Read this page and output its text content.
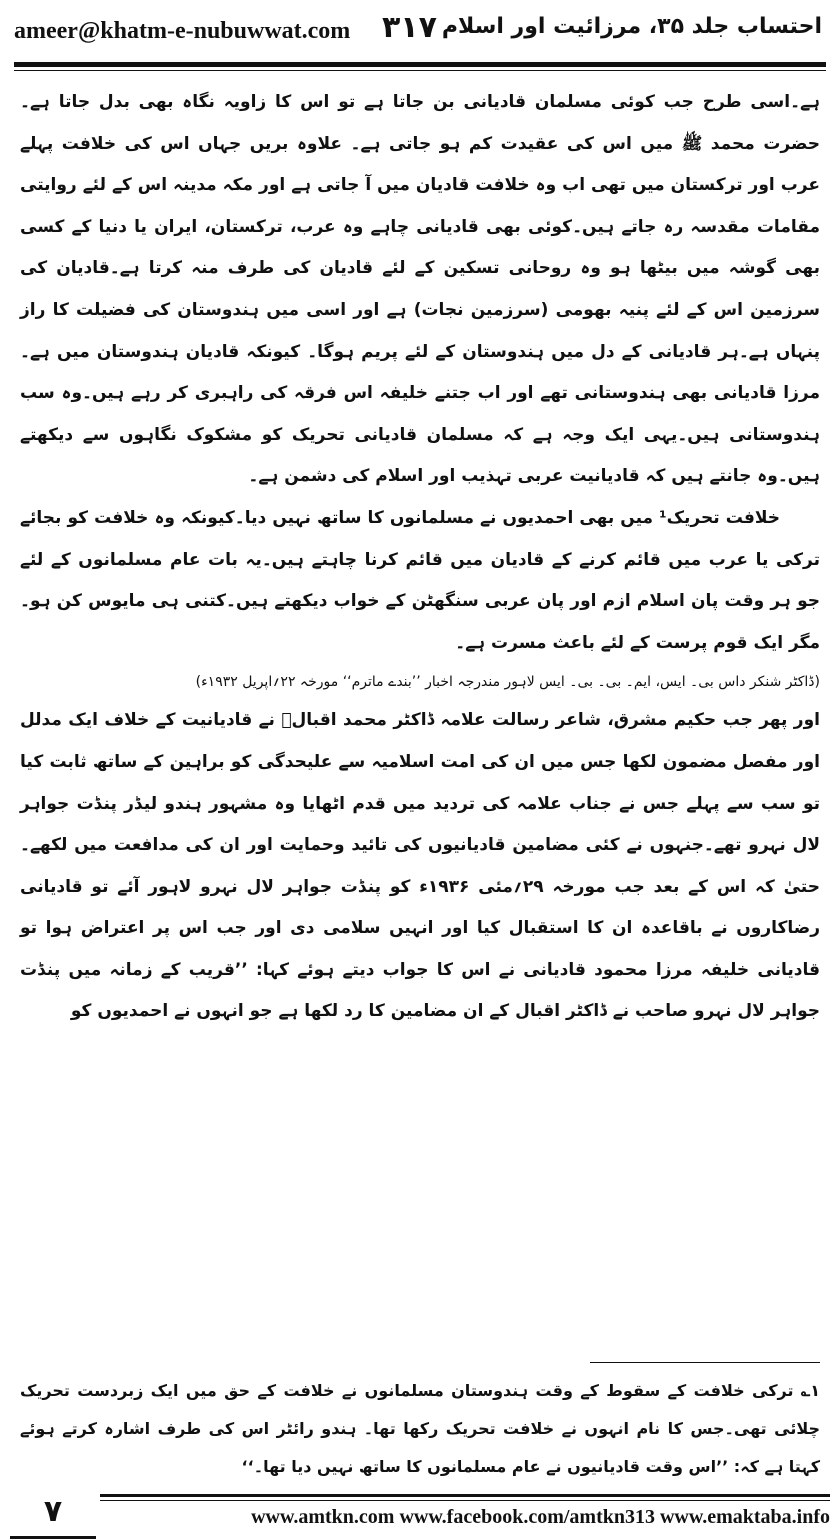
ameer@khatm-e-nubuwwat.com ۳۱۷ احتساب جلد ۳۵، مرزائیت اور اسلام

ہے۔اسی طرح جب کوئی مسلمان قادیانی بن جاتا ہے تو اس کا زاویہ نگاہ بھی بدل جاتا ہے۔حضرت محمد ﷺ میں اس کی عقیدت کم ہو جاتی ہے۔ علاوہ بریں جہاں اس کی خلافت پہلے عرب اور ترکستان میں تھی اب وہ خلافت قادیان میں آ جاتی ہے اور مکہ مدینہ اس کے لئے روایتی مقامات مقدسہ رہ جاتے ہیں۔کوئی بھی قادیانی چاہے وہ عرب، ترکستان، ایران یا دنیا کے کسی بھی گوشہ میں بیٹھا ہو وہ روحانی تسکین کے لئے قادیان کی طرف منہ کرتا ہے۔قادیان کی سرزمین اس کے لئے پنیہ بھومی (سرزمین نجات) ہے اور اسی میں ہندوستان کی فضیلت کا راز پنہاں ہے۔ہر قادیانی کے دل میں ہندوستان کے لئے پریم ہوگا۔ کیونکہ قادیان ہندوستان میں ہے۔مرزا قادیانی بھی ہندوستانی تھے اور اب جتنے خلیفہ اس فرقہ کی راہبری کر رہے ہیں۔وہ سب ہندوستانی ہیں۔یہی ایک وجہ ہے کہ مسلمان قادیانی تحریک کو مشکوک نگاہوں سے دیکھتے ہیں۔وہ جانتے ہیں کہ قادیانیت عربی تہذیب اور اسلام کی دشمن ہے۔

خلافت تحریک¹ میں بھی احمدیوں نے مسلمانوں کا ساتھ نہیں دیا۔کیونکہ وہ خلافت کو بجائے ترکی یا عرب میں قائم کرنے کے قادیان میں قائم کرنا چاہتے ہیں۔یہ بات عام مسلمانوں کے لئے جو ہر وقت پان اسلام ازم اور پان عربی سنگھٹن کے خواب دیکھتے ہیں۔کتنی ہی مایوس کن ہو۔مگر ایک قوم پرست کے لئے باعث مسرت ہے۔

(ڈاکٹر شنکر داس بی۔ ایس، ایم۔ بی۔ بی۔ ایس لاہور مندرجہ اخبار ’’بندے ماترم‘‘ مورخہ ۲۲؍اپریل ۱۹۳۲ء)

اور پھر جب حکیم مشرق، شاعر رسالت علامہ ڈاکٹر محمد اقبالؒ نے قادیانیت کے خلاف ایک مدلل اور مفصل مضمون لکھا جس میں ان کی امت اسلامیہ سے علیحدگی کو براہین کے ساتھ ثابت کیا تو سب سے پہلے جس نے جناب علامہ کی تردید میں قدم اٹھایا وہ مشہور ہندو لیڈر پنڈت جواہر لال نہرو تھے۔جنہوں نے کئی مضامین قادیانیوں کی تائید وحمایت اور ان کی مدافعت میں لکھے۔حتیٰ کہ اس کے بعد جب مورخہ ۲۹؍مئی ۱۹۳۶ء کو پنڈت جواہر لال نہرو لاہور آئے تو قادیانی رضاکاروں نے باقاعدہ ان کا استقبال کیا اور انہیں سلامی دی اور جب اس پر اعتراض ہوا تو قادیانی خلیفہ مرزا محمود قادیانی نے اس کا جواب دیتے ہوئے کہا: ’’قریب کے زمانہ میں پنڈت جواہر لال نہرو صاحب نے ڈاکٹر اقبال کے ان مضامین کا رد لکھا ہے جو انہوں نے احمدیوں کو

۱؎ ترکی خلافت کے سقوط کے وقت ہندوستان مسلمانوں نے خلافت کے حق میں ایک زبردست تحریک چلائی تھی۔جس کا نام انہوں نے خلافت تحریک رکھا تھا۔ ہندو رائٹر اس کی طرف اشارہ کرتے ہوئے کہتا ہے کہ: ’’اس وقت قادیانیوں نے عام مسلمانوں کا ساتھ نہیں دیا تھا۔‘‘
۷	www.amtkn.com www.facebook.com/amtkn313 www.emaktaba.info
